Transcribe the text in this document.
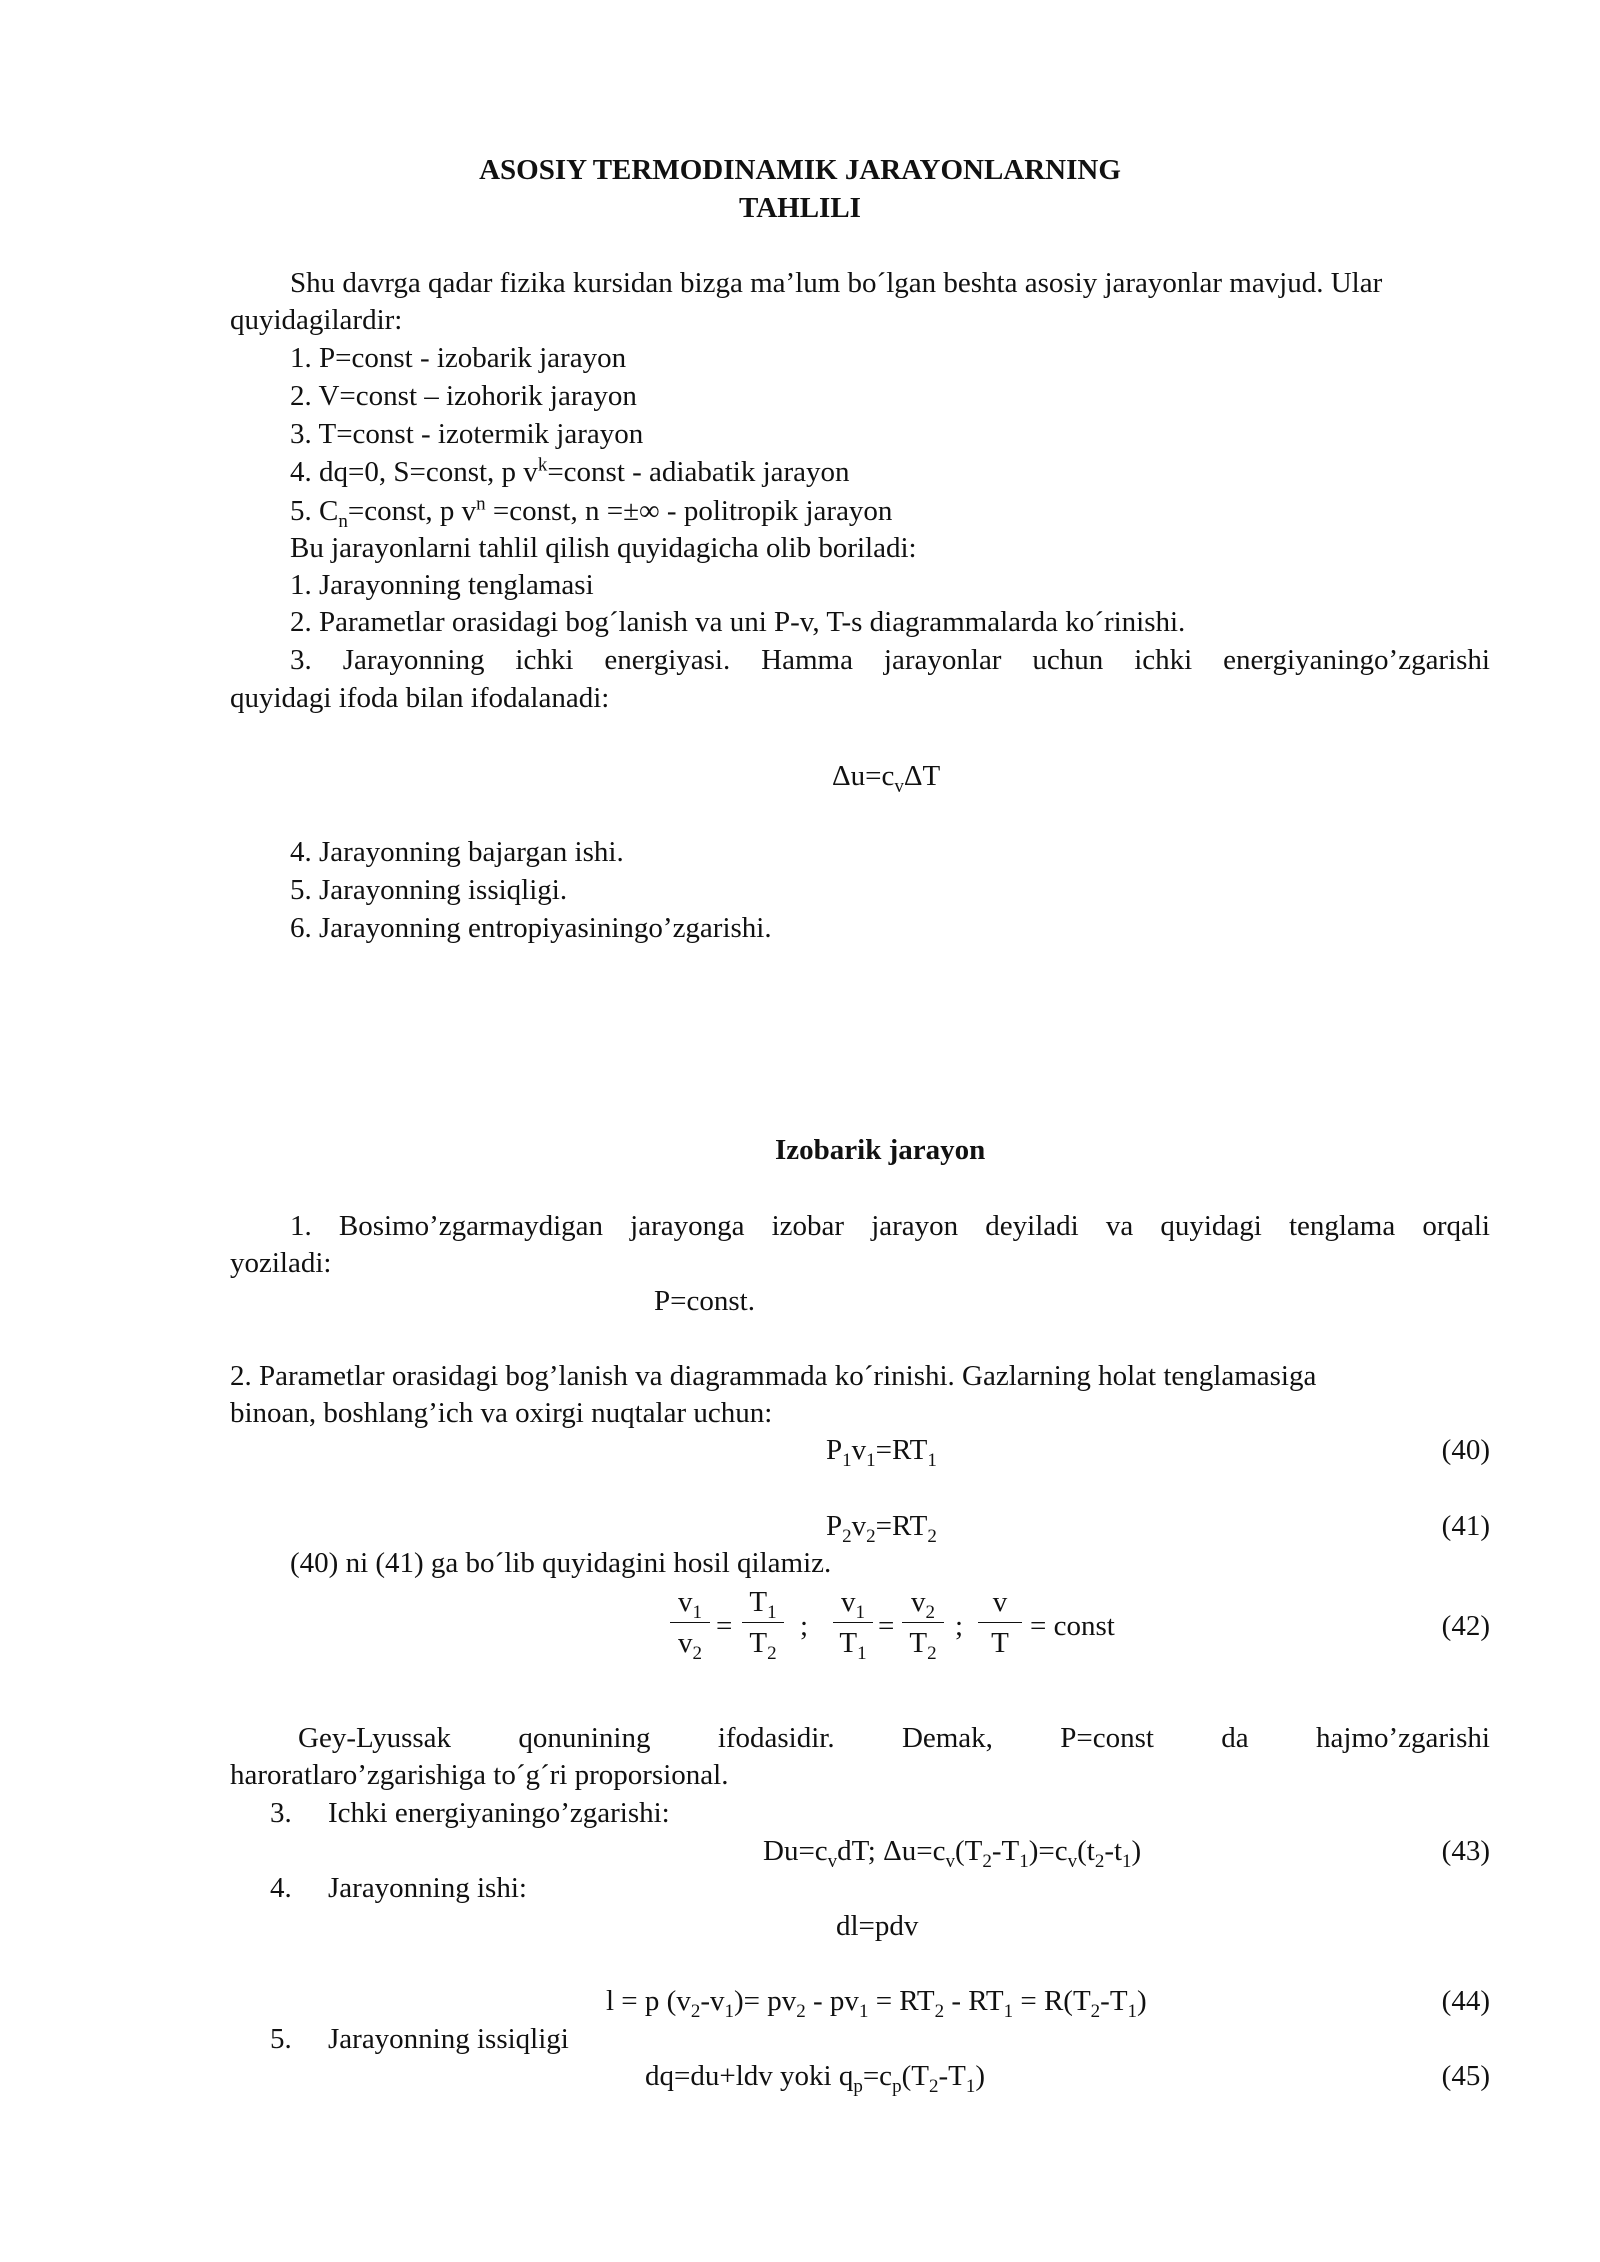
ASOSIY TERMODINAMIK JARAYONLARNING
TAHLILI
Shu davrga qadar fizika kursidan bizga ma’lum bo´lgan beshta asosiy jarayonlar mavjud. Ular
quyidagilardir:
1. P=const - izobarik jarayon
2. V=const – izohorik jarayon
3. T=const - izotermik jarayon
4. dq=0, S=const, p $v^k=const$ - adiabatik jarayon
5. $C_n=const$, p $v^n$ =const, n =±∞ - politropik jarayon
Bu jarayonlarni tahlil qilish quyidagicha olib boriladi:
1. Jarayonning tenglamasi
2. Parametlar orasidagi bog´lanish va uni P-v, T-s diagrammalarda ko´rinishi.
3. Jarayonning ichki energiyasi. Hamma jarayonlar uchun ichki energiyaningo’zgarishi
quyidagi ifoda bilan ifodalanadi:
$\Delta u=c_v\Delta T$
4. Jarayonning bajargan ishi.
5. Jarayonning issiqligi.
6. Jarayonning entropiyasiningo’zgarishi.
Izobarik jarayon
1. Bosimo’zgarmaydigan jarayonga izobar jarayon deyiladi va quyidagi tenglama orqali
yoziladi:
P=const.
2. Parametlar orasidagi bog’lanish va diagrammada ko´rinishi. Gazlarning holat tenglamasiga
binoan, boshlang’ich va oxirgi nuqtalar uchun:
$P_1v_1=RT_1$	(40)
$P_2v_2=RT_2$	(41)
(40) ni (41) ga bo´lib quyidagini hosil qilamiz.
$v_1$
$v_2$
=
$T_1$
$T_2$
;
$v_1$
$T_1$
=
$v_2$
$T_2$
;
v
T
= const	(42)
Gey-Lyussak qonunining ifodasidir. Demak, P=const da hajmo’zgarishi
haroratlaro’zgarishiga to´g´ri proporsional.
3. Ichki energiyaningo’zgarishi:
$Du=c_vdT$; $\Delta u=c_v(T_2-T_1)=c_v(t_2-t_1)$	(43)
4. Jarayonning ishi:
dl=pdv
l = p $(v_2-v_1)= pv_2 - pv_1 = RT_2 - RT_1 = R(T_2-T_1)$	(44)
5. Jarayonning issiqligi
dq=du+ldv yoki $q_p=c_p(T_2-T_1)$	(45)
